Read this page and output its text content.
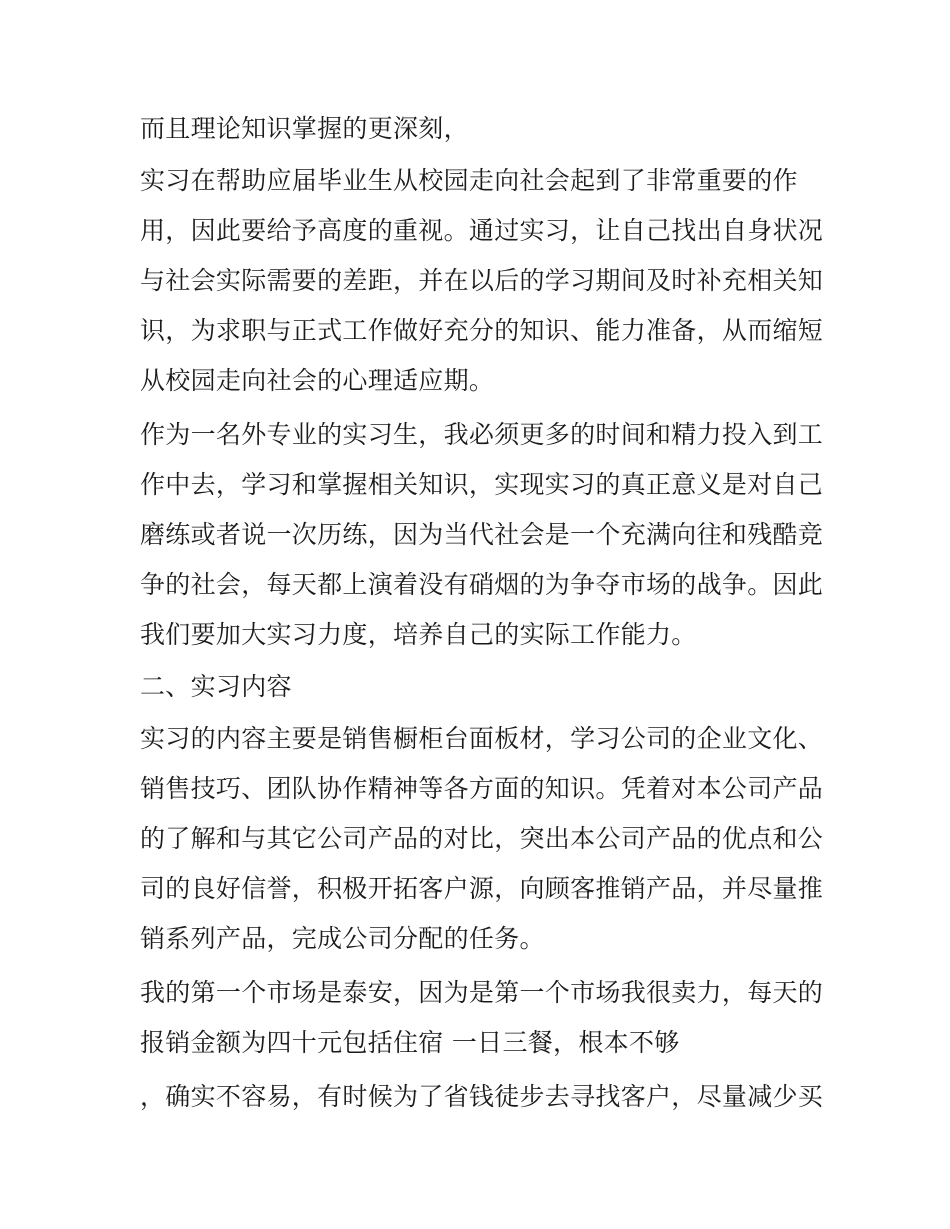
而且理论知识掌握的更深刻，
实习在帮助应届毕业生从校园走向社会起到了非常重要的作
用，因此要给予高度的重视。通过实习，让自己找出自身状况
与社会实际需要的差距，并在以后的学习期间及时补充相关知
识，为求职与正式工作做好充分的知识、能力准备，从而缩短
从校园走向社会的心理适应期。
作为一名外专业的实习生，我必须更多的时间和精力投入到工
作中去，学习和掌握相关知识，实现实习的真正意义是对自己
磨练或者说一次历练，因为当代社会是一个充满向往和残酷竞
争的社会，每天都上演着没有硝烟的为争夺市场的战争。因此
我们要加大实习力度，培养自己的实际工作能力。
二、实习内容
实习的内容主要是销售橱柜台面板材，学习公司的企业文化、
销售技巧、团队协作精神等各方面的知识。凭着对本公司产品
的了解和与其它公司产品的对比，突出本公司产品的优点和公
司的良好信誉，积极开拓客户源，向顾客推销产品，并尽量推
销系列产品，完成公司分配的任务。
我的第一个市场是泰安，因为是第一个市场我很卖力，每天的
报销金额为四十元包括住宿 一日三餐，根本不够
，确实不容易，有时候为了省钱徒步去寻找客户，尽量减少买
